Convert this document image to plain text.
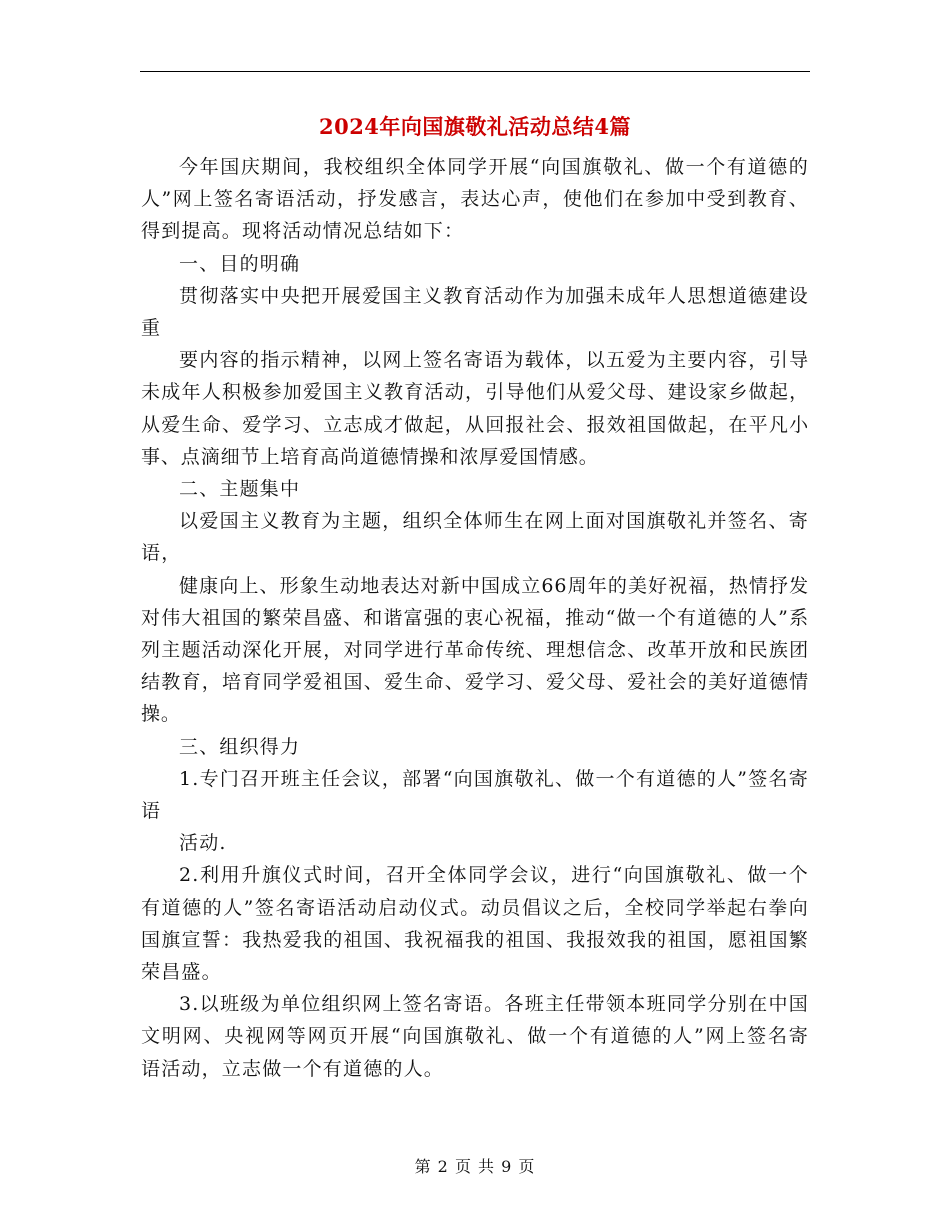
2024年向国旗敬礼活动总结4篇

今年国庆期间，我校组织全体同学开展“向国旗敬礼、做一个有道德的人”网上签名寄语活动，抒发感言，表达心声，使他们在参加中受到教育、得到提高。现将活动情况总结如下：

一、目的明确

贯彻落实中央把开展爱国主义教育活动作为加强未成年人思想道德建设重

要内容的指示精神，以网上签名寄语为载体，以五爱为主要内容，引导未成年人积极参加爱国主义教育活动，引导他们从爱父母、建设家乡做起，从爱生命、爱学习、立志成才做起，从回报社会、报效祖国做起，在平凡小事、点滴细节上培育高尚道德情操和浓厚爱国情感。

二、主题集中

以爱国主义教育为主题，组织全体师生在网上面对国旗敬礼并签名、寄语，

健康向上、形象生动地表达对新中国成立66周年的美好祝福，热情抒发对伟大祖国的繁荣昌盛、和谐富强的衷心祝福，推动“做一个有道德的人”系列主题活动深化开展，对同学进行革命传统、理想信念、改革开放和民族团结教育，培育同学爱祖国、爱生命、爱学习、爱父母、爱社会的美好道德情操。

三、组织得力

1.专门召开班主任会议，部署“向国旗敬礼、做一个有道德的人”签名寄语

活动.

2.利用升旗仪式时间，召开全体同学会议，进行“向国旗敬礼、做一个有道德的人”签名寄语活动启动仪式。动员倡议之后，全校同学举起右拳向国旗宣誓：我热爱我的祖国、我祝福我的祖国、我报效我的祖国，愿祖国繁荣昌盛。

3.以班级为单位组织网上签名寄语。各班主任带领本班同学分别在中国文明网、央视网等网页开展“向国旗敬礼、做一个有道德的人”网上签名寄语活动，立志做一个有道德的人。

第 2 页 共 9 页
